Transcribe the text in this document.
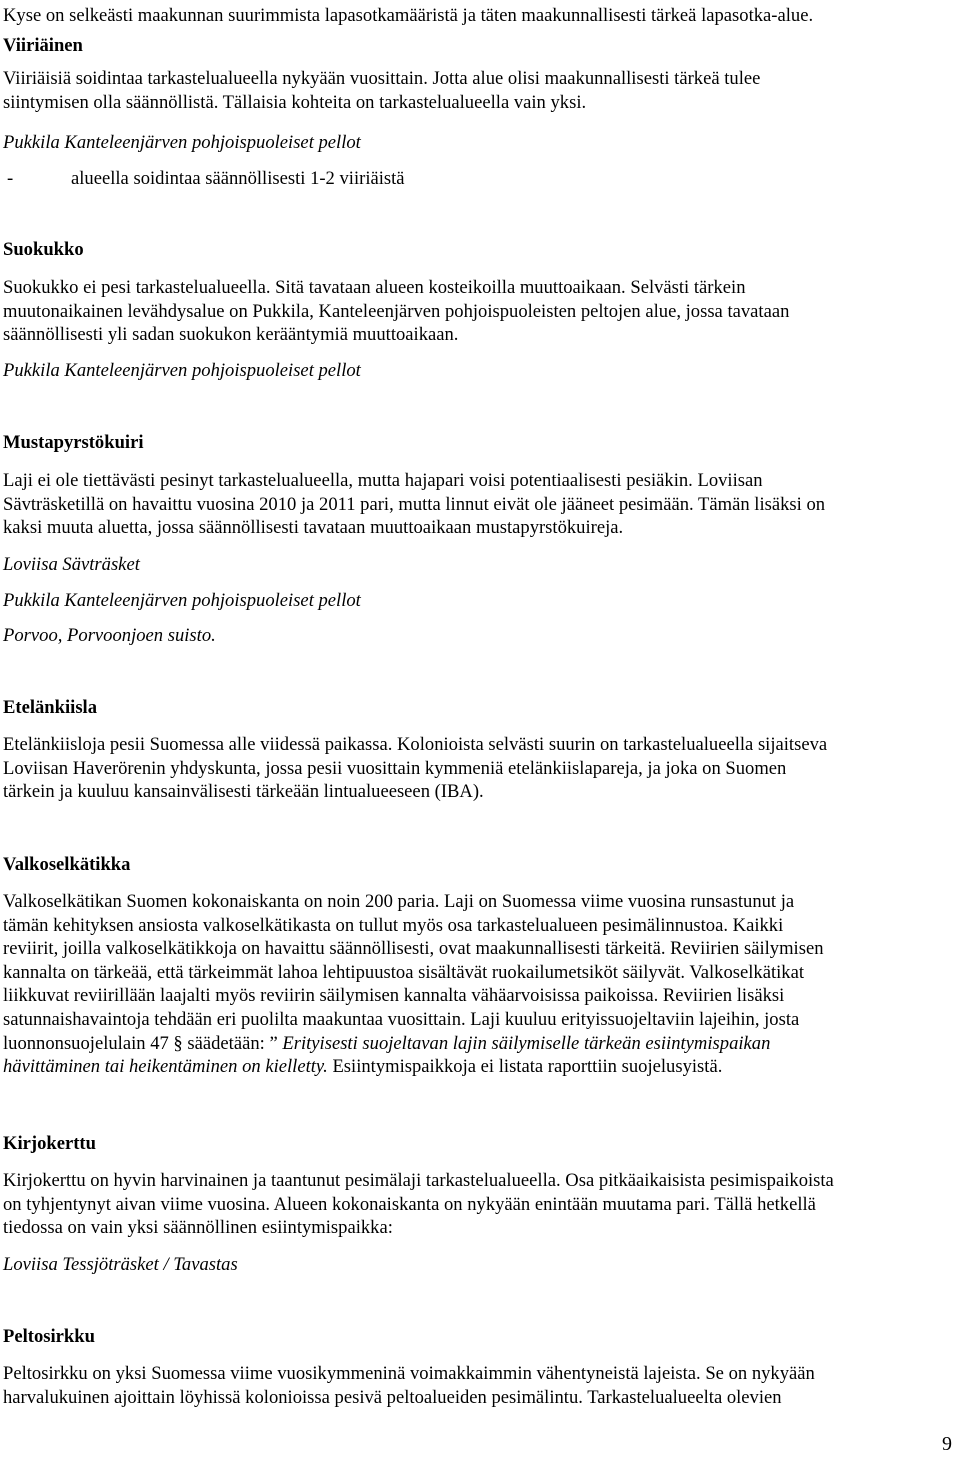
Kyse on selkeästi maakunnan suurimmista lapasotkamääristä ja täten maakunnallisesti tärkeä lapasotka-alue.

Viiriäinen

Viiriäisiä soidintaa tarkastelualueella nykyään vuosittain. Jotta alue olisi maakunnallisesti tärkeä tulee

siintymisen olla säännöllistä. Tällaisia kohteita on tarkastelualueella vain yksi.

Pukkila Kanteleenjärven pohjoispuoleiset pellot

-	alueella soidintaa säännöllisesti 1-2 viiriäistä

Suokukko

Suokukko ei pesi tarkastelualueella. Sitä tavataan alueen kosteikoilla muuttoaikaan. Selvästi tärkein

muutonaikainen levähdysalue on Pukkila, Kanteleenjärven pohjoispuoleisten peltojen alue, jossa tavataan

säännöllisesti yli sadan suokukon kerääntymiä muuttoaikaan.

Pukkila Kanteleenjärven pohjoispuoleiset pellot

Mustapyrstökuiri

Laji ei ole tiettävästi pesinyt tarkastelualueella, mutta hajapari voisi potentiaalisesti pesiäkin. Loviisan

Sävträsketillä on havaittu vuosina 2010 ja 2011 pari, mutta linnut eivät ole jääneet pesimään. Tämän lisäksi on

kaksi muuta aluetta, jossa säännöllisesti tavataan muuttoaikaan mustapyrstökuireja.

Loviisa Sävträsket

Pukkila Kanteleenjärven pohjoispuoleiset pellot

Porvoo, Porvoonjoen suisto.

Etelänkiisla

Etelänkiisloja pesii Suomessa alle viidessä paikassa. Kolonioista selvästi suurin on tarkastelualueella sijaitseva

Loviisan Haverörenin yhdyskunta, jossa pesii vuosittain kymmeniä etelänkiislapareja, ja joka on Suomen

tärkein ja kuuluu kansainvälisesti tärkeään lintualueeseen (IBA).

Valkoselkätikka

Valkoselkätikan Suomen kokonaiskanta on noin 200 paria. Laji on Suomessa viime vuosina runsastunut ja

tämän kehityksen ansiosta valkoselkätikasta on tullut myös osa tarkastelualueen pesimälinnustoa. Kaikki

reviirit, joilla valkoselkätikkoja on havaittu säännöllisesti, ovat maakunnallisesti tärkeitä. Reviirien säilymisen

kannalta on tärkeää, että tärkeimmät lahoa lehtipuustoa sisältävät ruokailumetsiköt säilyvät. Valkoselkätikat

liikkuvat reviirillään laajalti myös reviirin säilymisen kannalta vähäarvoisissa paikoissa. Reviirien lisäksi

satunnaishavaintoja tehdään eri puolilta maakuntaa vuosittain. Laji kuuluu erityissuojeltaviin lajeihin, josta

luonnonsuojelulain 47 § säädetään: ” Erityisesti suojeltavan lajin säilymiselle tärkeän esiintymispaikan

hävittäminen tai heikentäminen on kielletty. Esiintymispaikkoja ei listata raporttiin suojelusyistä.

Kirjokerttu

Kirjokerttu on hyvin harvinainen ja taantunut pesimälaji tarkastelualueella. Osa pitkäaikaisista pesimispaikoista

on tyhjentynyt aivan viime vuosina. Alueen kokonaiskanta on nykyään enintään muutama pari. Tällä hetkellä

tiedossa on vain yksi säännöllinen esiintymispaikka:

Loviisa Tessjöträsket / Tavastas

Peltosirkku

Peltosirkku on yksi Suomessa viime vuosikymmeninä voimakkaimmin vähentyneistä lajeista. Se on nykyään

harvalukuinen ajoittain löyhissä kolonioissa pesivä peltoalueiden pesimälintu. Tarkastelualueelta olevien

9
